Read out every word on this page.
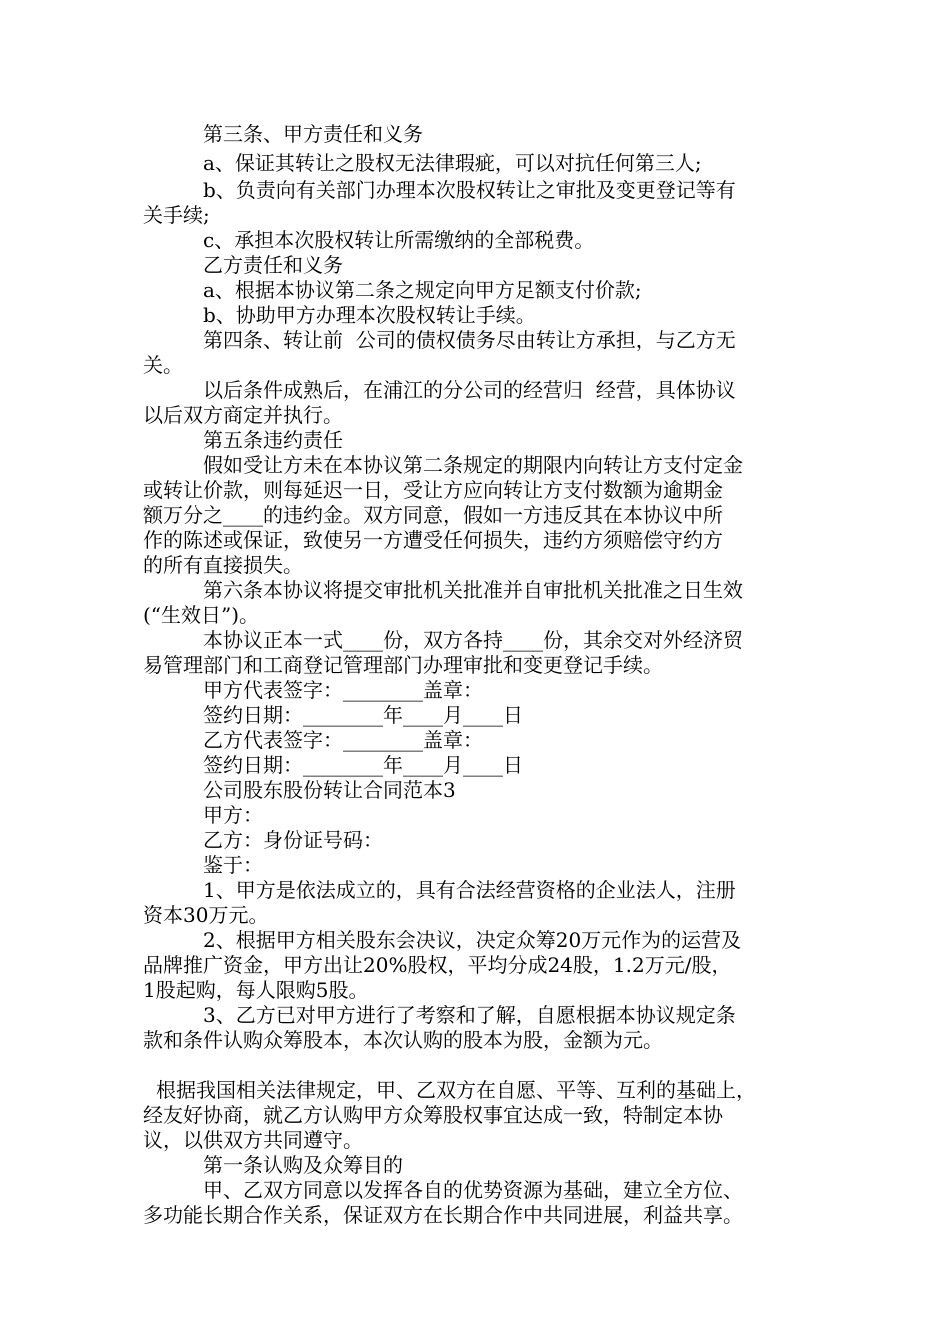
第三条、甲方责任和义务
a、保证其转让之股权无法律瑕疵，可以对抗任何第三人;
b、负责向有关部门办理本次股权转让之审批及变更登记等有
关手续;
c、承担本次股权转让所需缴纳的全部税费。
乙方责任和义务
a、根据本协议第二条之规定向甲方足额支付价款;
b、协助甲方办理本次股权转让手续。
第四条、转让前  公司的债权债务尽由转让方承担，与乙方无
关。
以后条件成熟后，在浦江的分公司的经营归  经营，具体协议
以后双方商定并执行。
第五条违约责任
假如受让方未在本协议第二条规定的期限内向转让方支付定金
或转让价款，则每延迟一日，受让方应向转让方支付数额为逾期金
额万分之____的违约金。双方同意，假如一方违反其在本协议中所
作的陈述或保证，致使另一方遭受任何损失，违约方须赔偿守约方
的所有直接损失。
第六条本协议将提交审批机关批准并自审批机关批准之日生效
(“生效日”)。
本协议正本一式____份，双方各持____份，其余交对外经济贸
易管理部门和工商登记管理部门办理审批和变更登记手续。
甲方代表签字：________盖章：
签约日期：________年____月____日
乙方代表签字：________盖章：
签约日期：________年____月____日
公司股东股份转让合同范本3
甲方：
乙方：身份证号码：
鉴于：
1、甲方是依法成立的，具有合法经营资格的企业法人，注册
资本30万元。
2、根据甲方相关股东会决议，决定众筹20万元作为的运营及
品牌推广资金，甲方出让20%股权，平均分成24股，1.2万元/股，
1股起购，每人限购5股。
3、乙方已对甲方进行了考察和了解，自愿根据本协议规定条
款和条件认购众筹股本，本次认购的股本为股，金额为元。
根据我国相关法律规定，甲、乙双方在自愿、平等、互利的基础上，
经友好协商，就乙方认购甲方众筹股权事宜达成一致，特制定本协
议，以供双方共同遵守。
第一条认购及众筹目的
甲、乙双方同意以发挥各自的优势资源为基础，建立全方位、
多功能长期合作关系，保证双方在长期合作中共同进展，利益共享。
